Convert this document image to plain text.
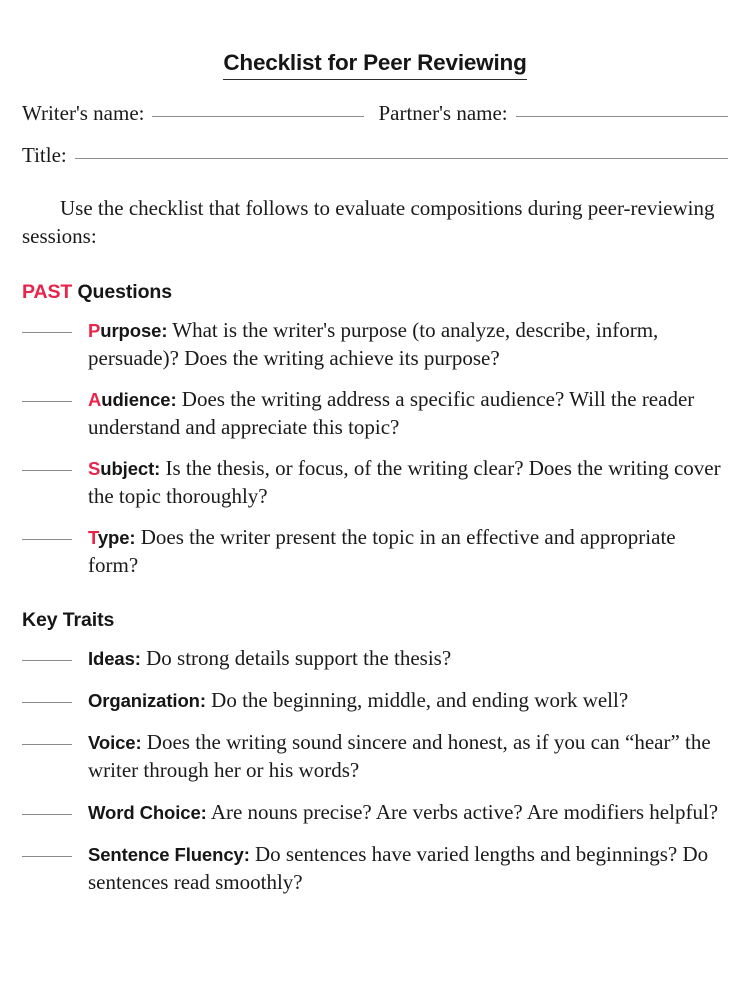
Checklist for Peer Reviewing
Writer's name:	Partner's name:
Title:

Use the checklist that follows to evaluate compositions during peer-reviewing sessions:

PAST Questions
Purpose: What is the writer's purpose (to analyze, describe, inform, persuade)? Does the writing achieve its purpose?
Audience: Does the writing address a specific audience? Will the reader understand and appreciate this topic?
Subject: Is the thesis, or focus, of the writing clear? Does the writing cover the topic thoroughly?
Type: Does the writer present the topic in an effective and appropriate form?
Key Traits
Ideas: Do strong details support the thesis?
Organization: Do the beginning, middle, and ending work well?
Voice: Does the writing sound sincere and honest, as if you can “hear” the writer through her or his words?
Word Choice: Are nouns precise? Are verbs active? Are modifiers helpful?
Sentence Fluency: Do sentences have varied lengths and beginnings? Do sentences read smoothly?
